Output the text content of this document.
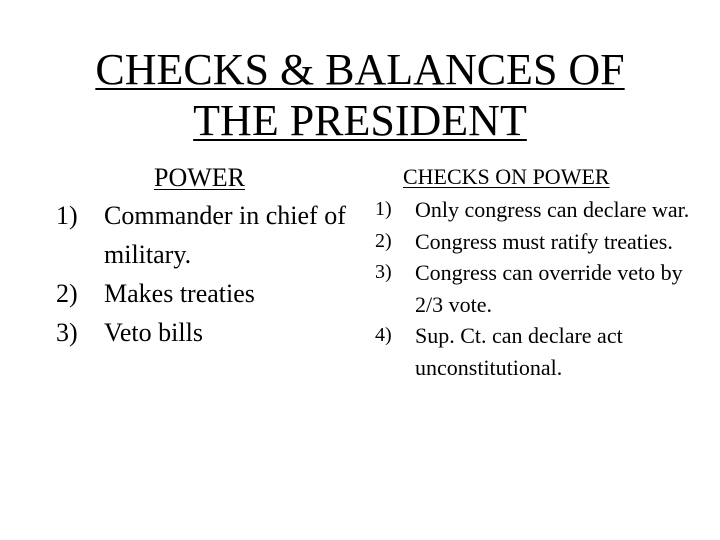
CHECKS & BALANCES OF
THE PRESIDENT
POWER
1) Commander in chief of military.
2) Makes treaties
3) Veto bills
CHECKS ON POWER
1) Only congress can declare war.
2) Congress must ratify treaties.
3) Congress can override veto by 2/3 vote.
4) Sup. Ct. can declare act unconstitutional.
